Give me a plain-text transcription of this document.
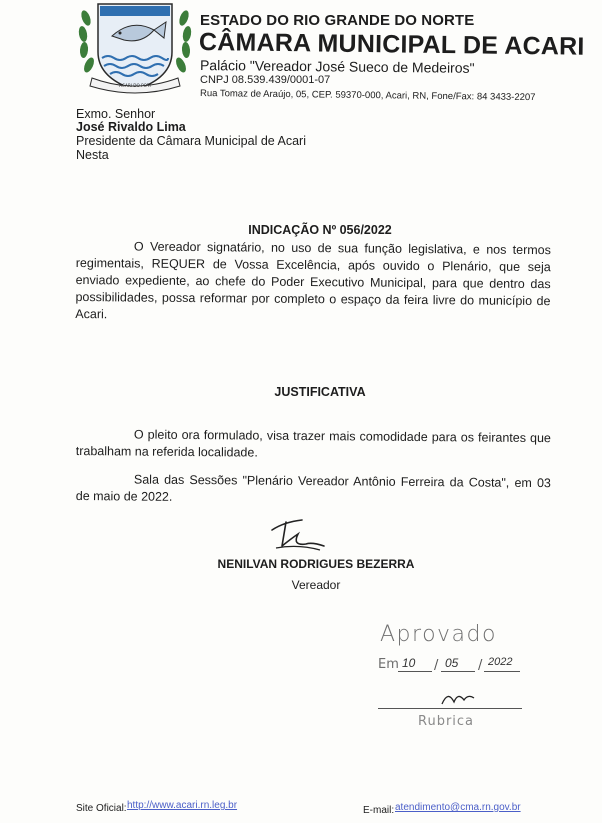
ACARI DO POTI
ESTADO DO RIO GRANDE DO NORTE
CÂMARA MUNICIPAL DE ACARI
Palácio "Vereador José Sueco de Medeiros"
CNPJ 08.539.439/0001-07
Rua Tomaz de Araújo, 05, CEP. 59370-000, Acari, RN, Fone/Fax: 84 3433-2207
Exmo. Senhor
José Rivaldo Lima
Presidente da Câmara Municipal de Acari
Nesta
INDICAÇÃO Nº 056/2022
O Vereador signatário, no uso de sua função legislativa, e nos termos regimentais, REQUER de Vossa Excelência, após ouvido o Plenário, que seja enviado expediente, ao chefe do Poder Executivo Municipal, para que dentro das possibilidades, possa reformar por completo o espaço da feira livre do município de Acari.
JUSTIFICATIVA
O pleito ora formulado, visa trazer mais comodidade para os feirantes que trabalham na referida localidade.
Sala das Sessões "Plenário Vereador Antônio Ferreira da Costa", em 03 de maio de 2022.
NENILVAN RODRIGUES BEZERRA
Vereador
Aprovado
Em	/	/
10 05	2022
Rubrica
Site Oficial: http://www.acari.rn.leg.br	E-mail: atendimento@cma.rn.gov.br
